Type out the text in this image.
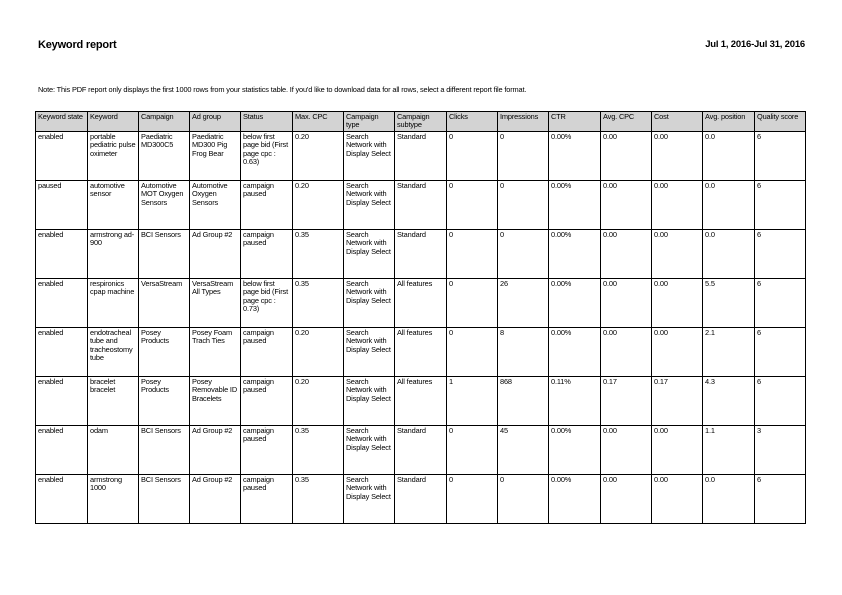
Keyword report	Jul 1, 2016-Jul 31, 2016
Note: This PDF report only displays the first 1000 rows from your statistics table. If you'd like to download data for all rows, select a different report file format.
Keyword state	Keyword	Campaign	Ad group	Status	Max. CPC	Campaign type	Campaign subtype	Clicks	Impressions	CTR	Avg. CPC	Cost	Avg. position	Quality score
enabled	portable pediatric pulse oximeter	Paediatric MD300C5	Paediatric MD300 Pig Frog Bear	below first page bid (First page cpc : 0.63)	0.20	Search Network with Display Select	Standard	0	0	0.00%	0.00	0.00	0.0	6
paused	automotive sensor	Automotive MOT Oxygen Sensors	Automotive Oxygen Sensors	campaign paused	0.20	Search Network with Display Select	Standard	0	0	0.00%	0.00	0.00	0.0	6
enabled	armstrong ad-900	BCI Sensors	Ad Group #2	campaign paused	0.35	Search Network with Display Select	Standard	0	0	0.00%	0.00	0.00	0.0	6
enabled	respironics cpap machine	VersaStream	VersaStream All Types	below first page bid (First page cpc : 0.73)	0.35	Search Network with Display Select	All features	0	26	0.00%	0.00	0.00	5.5	6
enabled	endotracheal tube and tracheostomy tube	Posey Products	Posey Foam Trach Ties	campaign paused	0.20	Search Network with Display Select	All features	0	8	0.00%	0.00	0.00	2.1	6
enabled	bracelet bracelet	Posey Products	Posey Removable ID Bracelets	campaign paused	0.20	Search Network with Display Select	All features	1	868	0.11%	0.17	0.17	4.3	6
enabled	odam	BCI Sensors	Ad Group #2	campaign paused	0.35	Search Network with Display Select	Standard	0	45	0.00%	0.00	0.00	1.1	3
enabled	armstrong 1000	BCI Sensors	Ad Group #2	campaign paused	0.35	Search Network with Display Select	Standard	0	0	0.00%	0.00	0.00	0.0	6
